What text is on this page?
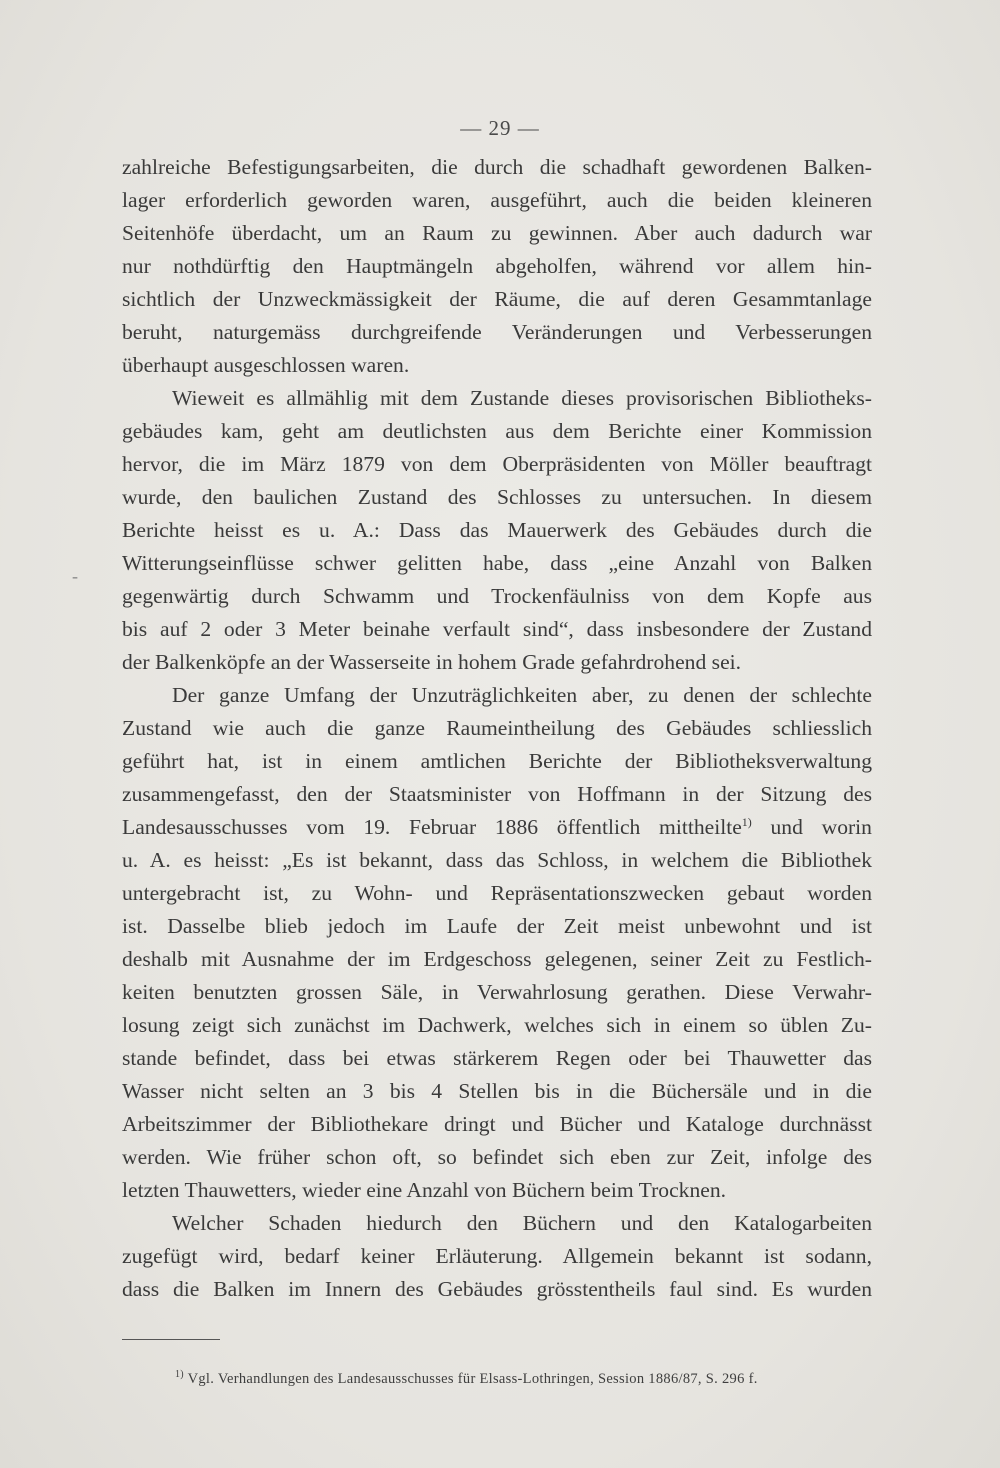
— 29 —
-
zahlreiche Befestigungsarbeiten, die durch die schadhaft gewordenen Balken-
lager erforderlich geworden waren, ausgeführt, auch die beiden kleineren
Seitenhöfe überdacht, um an Raum zu gewinnen. Aber auch dadurch war
nur nothdürftig den Hauptmängeln abgeholfen, während vor allem hin-
sichtlich der Unzweckmässigkeit der Räume, die auf deren Gesammtanlage
beruht, naturgemäss durchgreifende Veränderungen und Verbesserungen
überhaupt ausgeschlossen waren.
Wieweit es allmählig mit dem Zustande dieses provisorischen Bibliotheks-
gebäudes kam, geht am deutlichsten aus dem Berichte einer Kommission
hervor, die im März 1879 von dem Oberpräsidenten von Möller beauftragt
wurde, den baulichen Zustand des Schlosses zu untersuchen. In diesem
Berichte heisst es u. A.: Dass das Mauerwerk des Gebäudes durch die
Witterungseinflüsse schwer gelitten habe, dass „eine Anzahl von Balken
gegenwärtig durch Schwamm und Trockenfäulniss von dem Kopfe aus
bis auf 2 oder 3 Meter beinahe verfault sind“, dass insbesondere der Zustand
der Balkenköpfe an der Wasserseite in hohem Grade gefahrdrohend sei.
Der ganze Umfang der Unzuträglichkeiten aber, zu denen der schlechte
Zustand wie auch die ganze Raumeintheilung des Gebäudes schliesslich
geführt hat, ist in einem amtlichen Berichte der Bibliotheksverwaltung
zusammengefasst, den der Staatsminister von Hoffmann in der Sitzung des
Landesausschusses vom 19. Februar 1886 öffentlich mittheilte$^{1)}$ und worin
u. A. es heisst: „Es ist bekannt, dass das Schloss, in welchem die Bibliothek
untergebracht ist, zu Wohn- und Repräsentationszwecken gebaut worden
ist. Dasselbe blieb jedoch im Laufe der Zeit meist unbewohnt und ist
deshalb mit Ausnahme der im Erdgeschoss gelegenen, seiner Zeit zu Festlich-
keiten benutzten grossen Säle, in Verwahrlosung gerathen. Diese Verwahr-
losung zeigt sich zunächst im Dachwerk, welches sich in einem so üblen Zu-
stande befindet, dass bei etwas stärkerem Regen oder bei Thauwetter das
Wasser nicht selten an 3 bis 4 Stellen bis in die Büchersäle und in die
Arbeitszimmer der Bibliothekare dringt und Bücher und Kataloge durchnässt
werden. Wie früher schon oft, so befindet sich eben zur Zeit, infolge des
letzten Thauwetters, wieder eine Anzahl von Büchern beim Trocknen.
Welcher Schaden hiedurch den Büchern und den Katalogarbeiten
zugefügt wird, bedarf keiner Erläuterung. Allgemein bekannt ist sodann,
dass die Balken im Innern des Gebäudes grösstentheils faul sind. Es wurden
$^{1)}$ Vgl. Verhandlungen des Landesausschusses für Elsass-Lothringen, Session 1886/87, S. 296 f.
